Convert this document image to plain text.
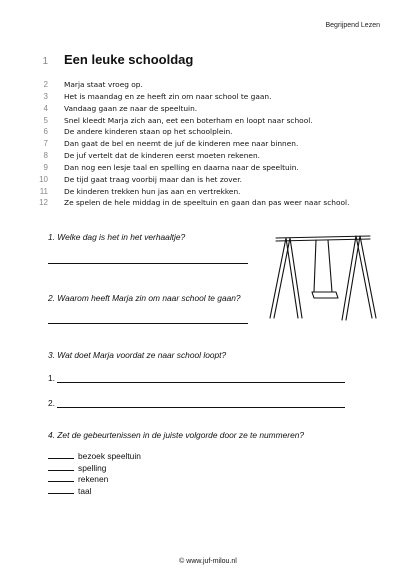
Begrijpend Lezen
1 Een leuke schooldag
2 Marja staat vroeg op.
3 Het is maandag en ze heeft zin om naar school te gaan.
4 Vandaag gaan ze naar de speeltuin.
5 Snel kleedt Marja zich aan, eet een boterham en loopt naar school.
6 De andere kinderen staan op het schoolplein.
7 Dan gaat de bel en neemt de juf de kinderen mee naar binnen.
8 De juf vertelt dat de kinderen eerst moeten rekenen.
9 Dan nog een lesje taal en spelling en daarna naar de speeltuin.
10 De tijd gaat traag voorbij maar dan is het zover.
11 De kinderen trekken hun jas aan en vertrekken.
12 Ze spelen de hele middag in de speeltuin en gaan dan pas weer naar school.
1. Welke dag is het in het verhaaltje?
2. Waarom heeft Marja zin om naar school te gaan?
3. Wat doet Marja voordat ze naar school loopt?
1.
2.
4. Zet de gebeurtenissen in de juiste volgorde door ze te nummeren?
bezoek speeltuin
spelling
rekenen
taal
© www.juf-milou.nl
